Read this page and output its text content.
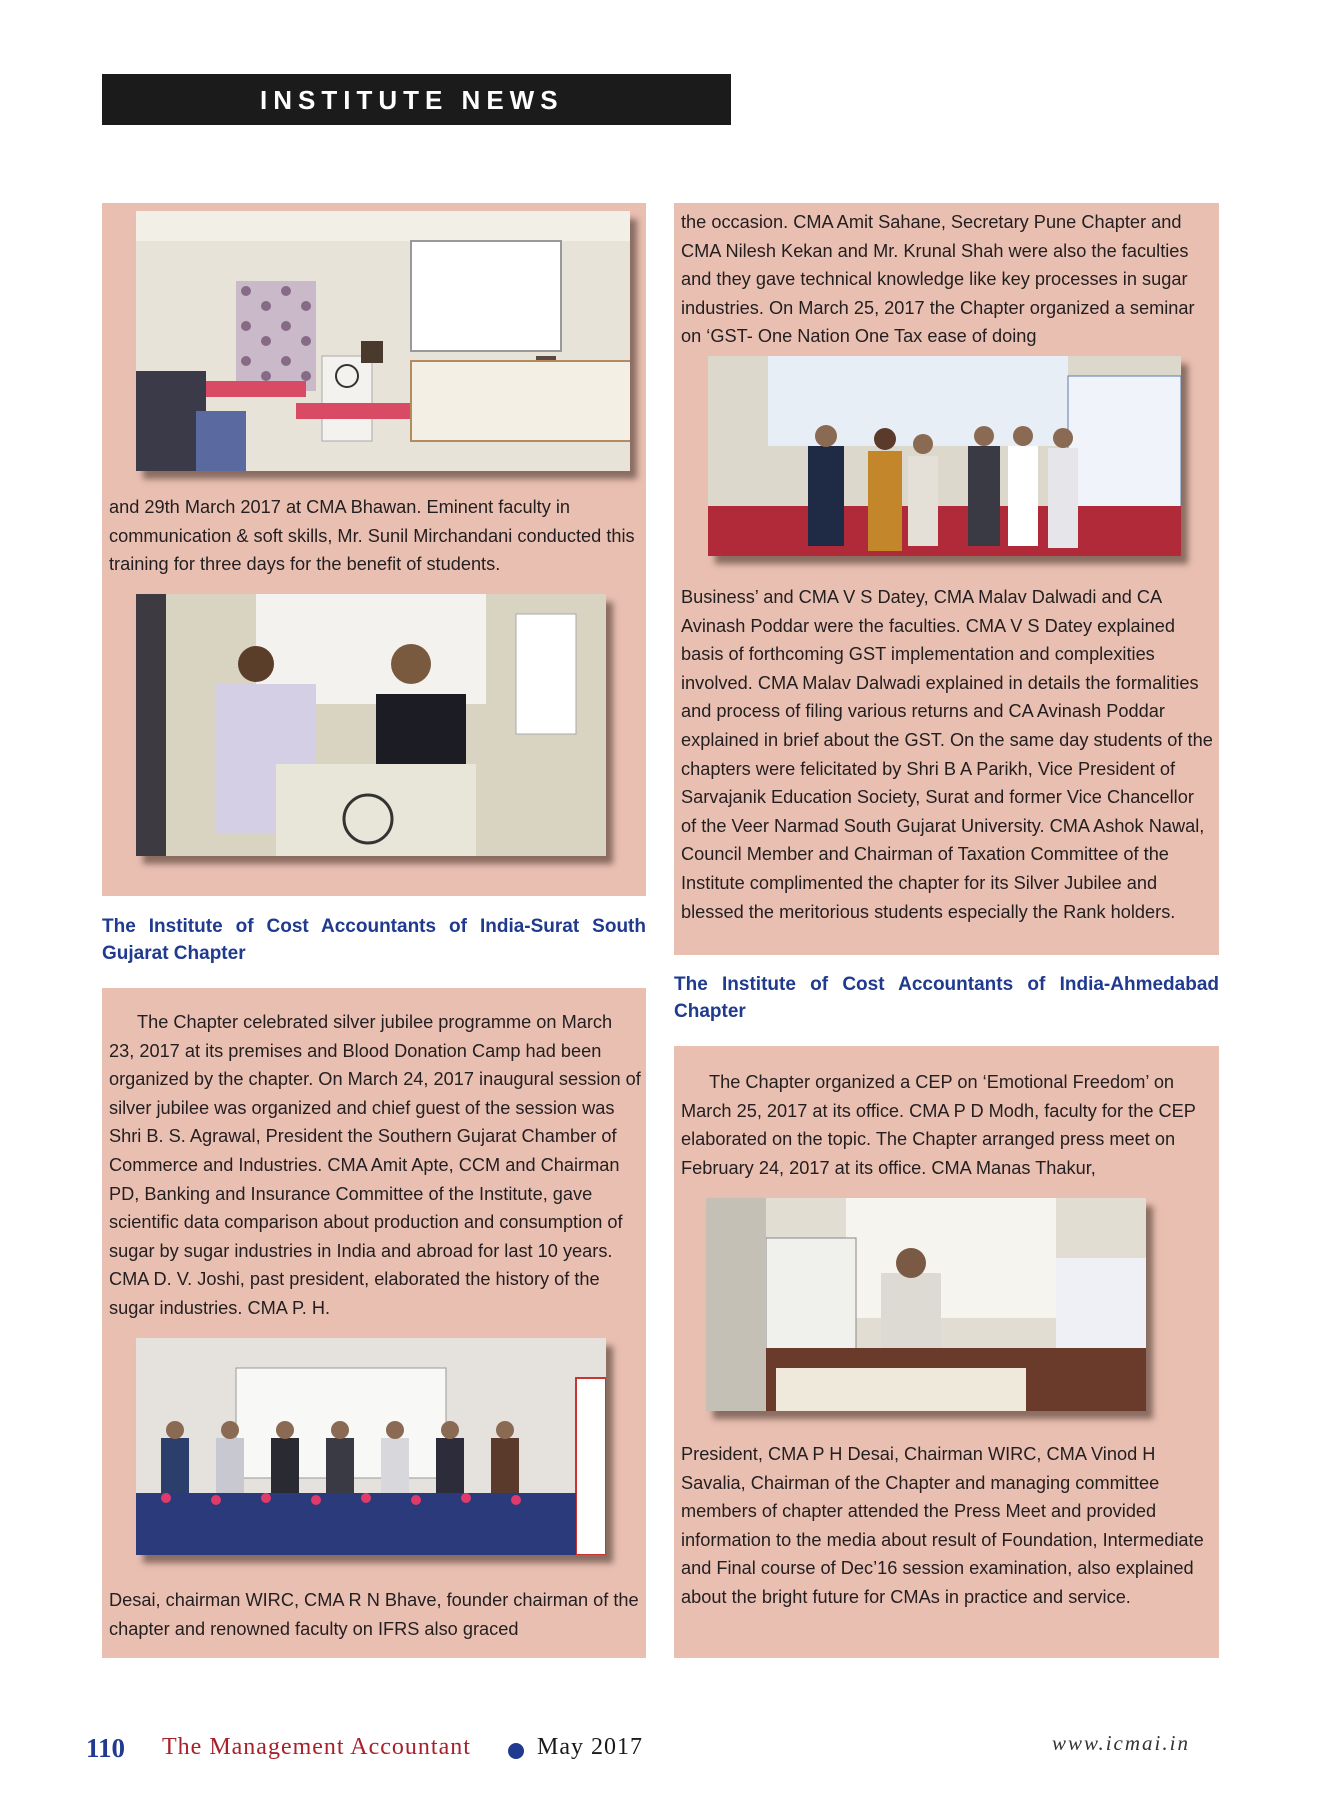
INSTITUTE NEWS
and 29th March 2017 at CMA Bhawan. Eminent faculty in communication & soft skills, Mr. Sunil Mirchandani conducted this training for three days for the benefit of students.
The Institute of Cost Accountants of India-Surat South Gujarat Chapter
The Chapter celebrated silver jubilee programme on March 23, 2017 at its premises and Blood Donation Camp had been organized by the chapter. On March 24, 2017 inaugural session of silver jubilee was organized and chief guest of the session was Shri B. S. Agrawal, President the Southern Gujarat Chamber of Commerce and Industries. CMA Amit Apte, CCM and Chairman PD, Banking and Insurance Committee of the Institute, gave scientific data comparison about production and consumption of sugar by sugar industries in India and abroad for last 10 years. CMA D. V. Joshi, past president, elaborated the history of the sugar industries. CMA P. H.
Desai, chairman WIRC, CMA R N Bhave, founder chairman of the chapter and renowned faculty on IFRS also graced
the occasion. CMA Amit Sahane, Secretary Pune Chapter and CMA Nilesh Kekan and Mr. Krunal Shah were also the faculties and they gave technical knowledge like key processes in sugar industries. On March 25, 2017 the Chapter organized a seminar on ‘GST- One Nation One Tax ease of doing
Business’ and CMA V S Datey, CMA Malav Dalwadi and CA Avinash Poddar were the faculties. CMA V S Datey explained basis of forthcoming GST implementation and complexities involved. CMA Malav Dalwadi explained in details the formalities and process of filing various returns and CA Avinash Poddar explained in brief about the GST. On the same day students of the chapters were felicitated by Shri B A Parikh, Vice President of Sarvajanik Education Society, Surat and former Vice Chancellor of the Veer Narmad South Gujarat University. CMA Ashok Nawal, Council Member and Chairman of Taxation Committee of the Institute complimented the chapter for its Silver Jubilee and blessed the meritorious students especially the Rank holders.
The Institute of Cost Accountants of India-Ahmedabad Chapter
The Chapter organized a CEP on ‘Emotional Freedom’ on March 25, 2017 at its office. CMA P D Modh, faculty for the CEP elaborated on the topic. The Chapter arranged press meet on February 24, 2017 at its office. CMA Manas Thakur,
President, CMA P H Desai, Chairman WIRC, CMA Vinod H Savalia, Chairman of the Chapter and managing committee members of chapter attended the Press Meet and provided information to the media about result of Foundation, Intermediate and Final course of Dec’16 session examination, also explained about the bright future for CMAs in practice and service.
110 The Management Accountant	May 2017	www.icmai.in
